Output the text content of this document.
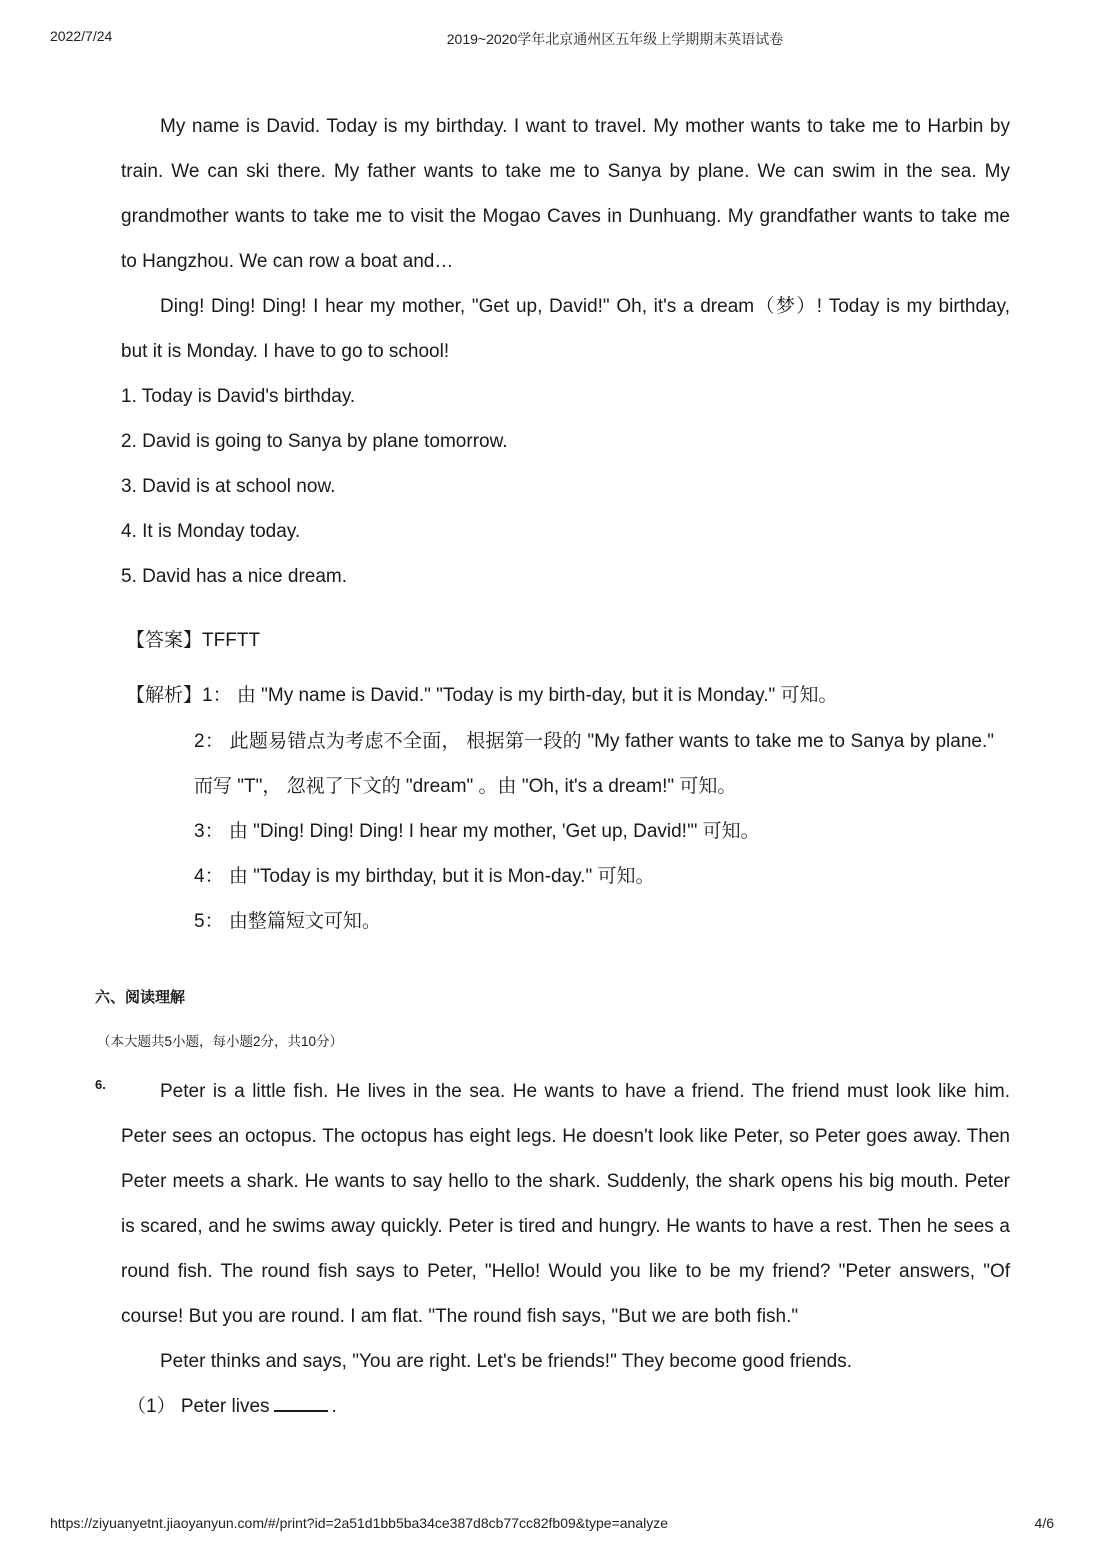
2022/7/24	2019~2020学年北京通州区五年级上学期期末英语试卷

My name is David. Today is my birthday. I want to travel. My mother wants to take me to Harbin by train. We can ski there. My father wants to take me to Sanya by plane. We can swim in the sea. My grandmother wants to take me to visit the Mogao Caves in Dunhuang. My grandfather wants to take me to Hangzhou. We can row a boat and…

Ding! Ding! Ding! I hear my mother, "Get up, David!" Oh, it's a dream（梦）! Today is my birthday, but it is Monday. I have to go to school!

1. Today is David's birthday.

2. David is going to Sanya by plane tomorrow.

3. David is at school now.

4. It is Monday today.

5. David has a nice dream.

【答案】TFFTT
【解析】1： 由 "My name is David." "Today is my birth-day, but it is Monday." 可知。
2： 此题易错点为考虑不全面， 根据第一段的 "My father wants to take me to Sanya by plane." 而写 "T"， 忽视了下文的 "dream" 。由 "Oh, it's a dream!" 可知。
3： 由 "Ding! Ding! Ding! I hear my mother, 'Get up, David!'" 可知。
4： 由 "Today is my birthday, but it is Mon-day." 可知。
5： 由整篇短文可知。
六、阅读理解
（本大题共5小题，每小题2分，共10分）
6.	Peter is a little fish. He lives in the sea. He wants to have a friend. The friend must look like him. Peter sees an octopus. The octopus has eight legs. He doesn't look like Peter, so Peter goes away. Then Peter meets a shark. He wants to say hello to the shark. Suddenly, the shark opens his big mouth. Peter is scared, and he swims away quickly. Peter is tired and hungry. He wants to have a rest. Then he sees a round fish. The round fish says to Peter, "Hello! Would you like to be my friend? "Peter answers, "Of course! But you are round. I am flat. "The round fish says, "But we are both fish."

Peter thinks and says, "You are right. Let's be friends!" They become good friends.

（1） Peter lives	.

https://ziyuanyetnt.jiaoyanyun.com/#/print?id=2a51d1bb5ba34ce387d8cb77cc82fb09&type=analyze	4/6
